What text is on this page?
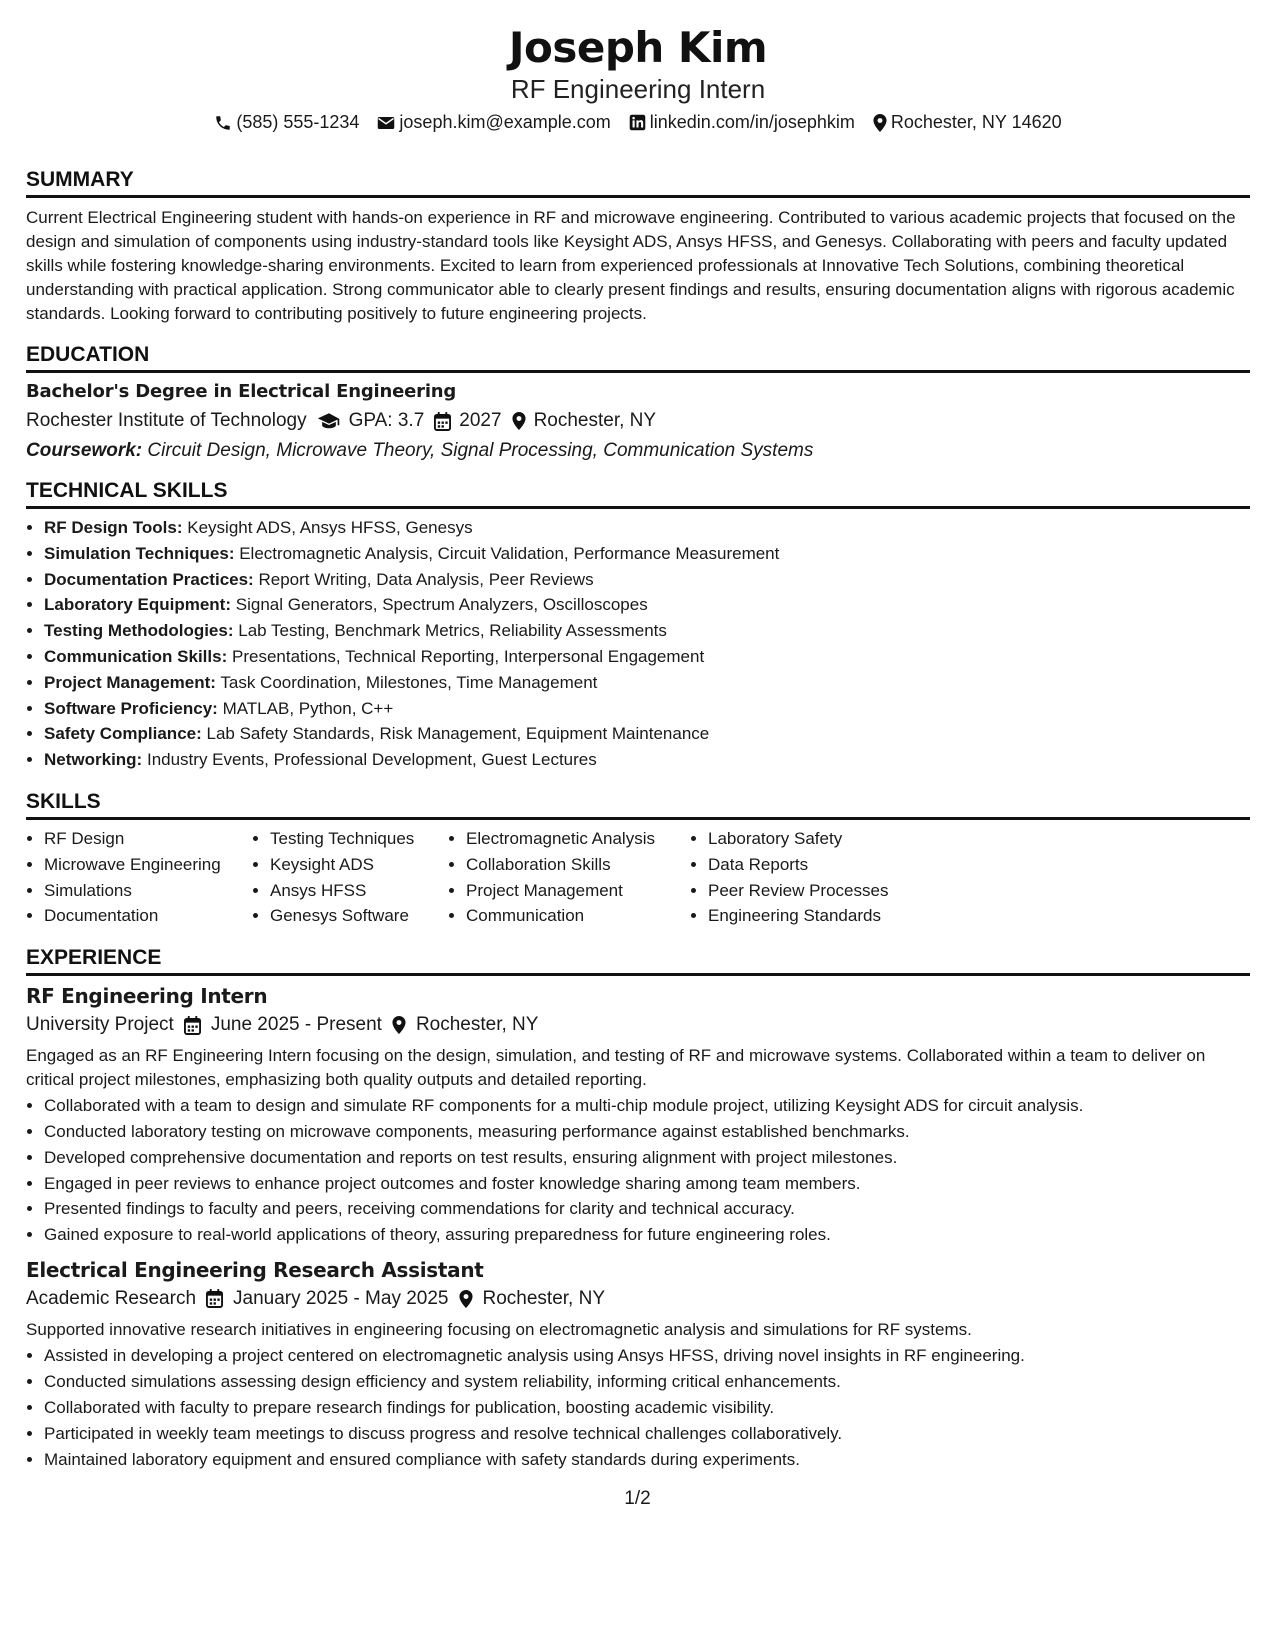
Joseph Kim
RF Engineering Intern
(585) 555-1234 joseph.kim@example.com linkedin.com/in/josephkim Rochester, NY 14620
SUMMARY
Current Electrical Engineering student with hands-on experience in RF and microwave engineering. Contributed to various academic projects that focused on the design and simulation of components using industry-standard tools like Keysight ADS, Ansys HFSS, and Genesys. Collaborating with peers and faculty updated skills while fostering knowledge-sharing environments. Excited to learn from experienced professionals at Innovative Tech Solutions, combining theoretical understanding with practical application. Strong communicator able to clearly present findings and results, ensuring documentation aligns with rigorous academic standards. Looking forward to contributing positively to future engineering projects.
EDUCATION
Bachelor's Degree in Electrical Engineering
Rochester Institute of Technology GPA: 3.7 2027 Rochester, NY
Coursework: Circuit Design, Microwave Theory, Signal Processing, Communication Systems
TECHNICAL SKILLS
• RF Design Tools: Keysight ADS, Ansys HFSS, Genesys
• Simulation Techniques: Electromagnetic Analysis, Circuit Validation, Performance Measurement
• Documentation Practices: Report Writing, Data Analysis, Peer Reviews
• Laboratory Equipment: Signal Generators, Spectrum Analyzers, Oscilloscopes
• Testing Methodologies: Lab Testing, Benchmark Metrics, Reliability Assessments
• Communication Skills: Presentations, Technical Reporting, Interpersonal Engagement
• Project Management: Task Coordination, Milestones, Time Management
• Software Proficiency: MATLAB, Python, C++
• Safety Compliance: Lab Safety Standards, Risk Management, Equipment Maintenance
• Networking: Industry Events, Professional Development, Guest Lectures
SKILLS
• RF Design
• Microwave Engineering
• Simulations
• Documentation
• Testing Techniques
• Keysight ADS
• Ansys HFSS
• Genesys Software
• Electromagnetic Analysis
• Collaboration Skills
• Project Management
• Communication
• Laboratory Safety
• Data Reports
• Peer Review Processes
• Engineering Standards
EXPERIENCE
RF Engineering Intern
University Project June 2025 - Present Rochester, NY
Engaged as an RF Engineering Intern focusing on the design, simulation, and testing of RF and microwave systems. Collaborated within a team to deliver on critical project milestones, emphasizing both quality outputs and detailed reporting.
• Collaborated with a team to design and simulate RF components for a multi-chip module project, utilizing Keysight ADS for circuit analysis.
• Conducted laboratory testing on microwave components, measuring performance against established benchmarks.
• Developed comprehensive documentation and reports on test results, ensuring alignment with project milestones.
• Engaged in peer reviews to enhance project outcomes and foster knowledge sharing among team members.
• Presented findings to faculty and peers, receiving commendations for clarity and technical accuracy.
• Gained exposure to real-world applications of theory, assuring preparedness for future engineering roles.
Electrical Engineering Research Assistant
Academic Research January 2025 - May 2025 Rochester, NY
Supported innovative research initiatives in engineering focusing on electromagnetic analysis and simulations for RF systems.
• Assisted in developing a project centered on electromagnetic analysis using Ansys HFSS, driving novel insights in RF engineering.
• Conducted simulations assessing design efficiency and system reliability, informing critical enhancements.
• Collaborated with faculty to prepare research findings for publication, boosting academic visibility.
• Participated in weekly team meetings to discuss progress and resolve technical challenges collaboratively.
• Maintained laboratory equipment and ensured compliance with safety standards during experiments.
1/2
